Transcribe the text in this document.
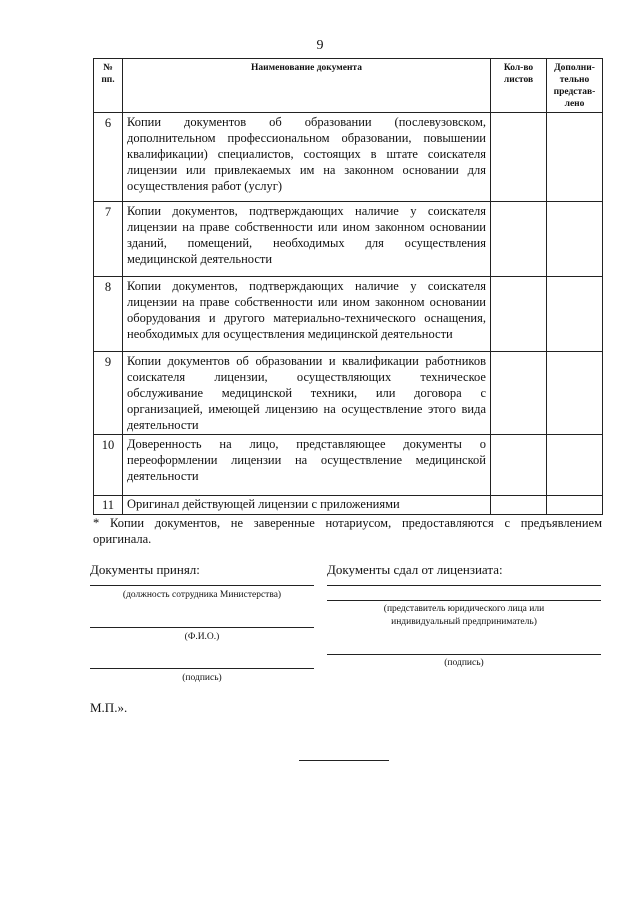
9
№ пп.	Наименование документа	Кол-во листов	Дополни-тельно представ-лено
6	Копии документов об образовании (послевузовском, дополнительном профессиональном образовании, повышении квалификации) специалистов, состоящих в штате соискателя лицензии или привлекаемых им на законном основании для осуществления работ (услуг)		
7	Копии документов, подтверждающих наличие у соискателя лицензии на праве собственности или ином законном основании зданий, помещений, необходимых для осуществления медицинской деятельности		
8	Копии документов, подтверждающих наличие у соискателя лицензии на праве собственности или ином законном основании оборудования и другого материально-технического оснащения, необходимых для осуществления медицинской деятельности		
9	Копии документов об образовании и квалификации работников соискателя лицензии, осуществляющих техническое обслуживание медицинской техники, или договора с организацией, имеющей лицензию на осуществление этого вида деятельности		
10	Доверенность на лицо, представляющее документы о переоформлении лицензии на осуществление медицинской деятельности		
11	Оригинал действующей лицензии с приложениями		
* Копии документов, не заверенные нотариусом, предоставляются с предъявлением оригинала.
Документы принял:
(должность сотрудника Министерства)
(Ф.И.О.)
(подпись)
Документы сдал от лицензиата:
(представитель юридического лица или
индивидуальный предприниматель)
(подпись)
М.П.».
